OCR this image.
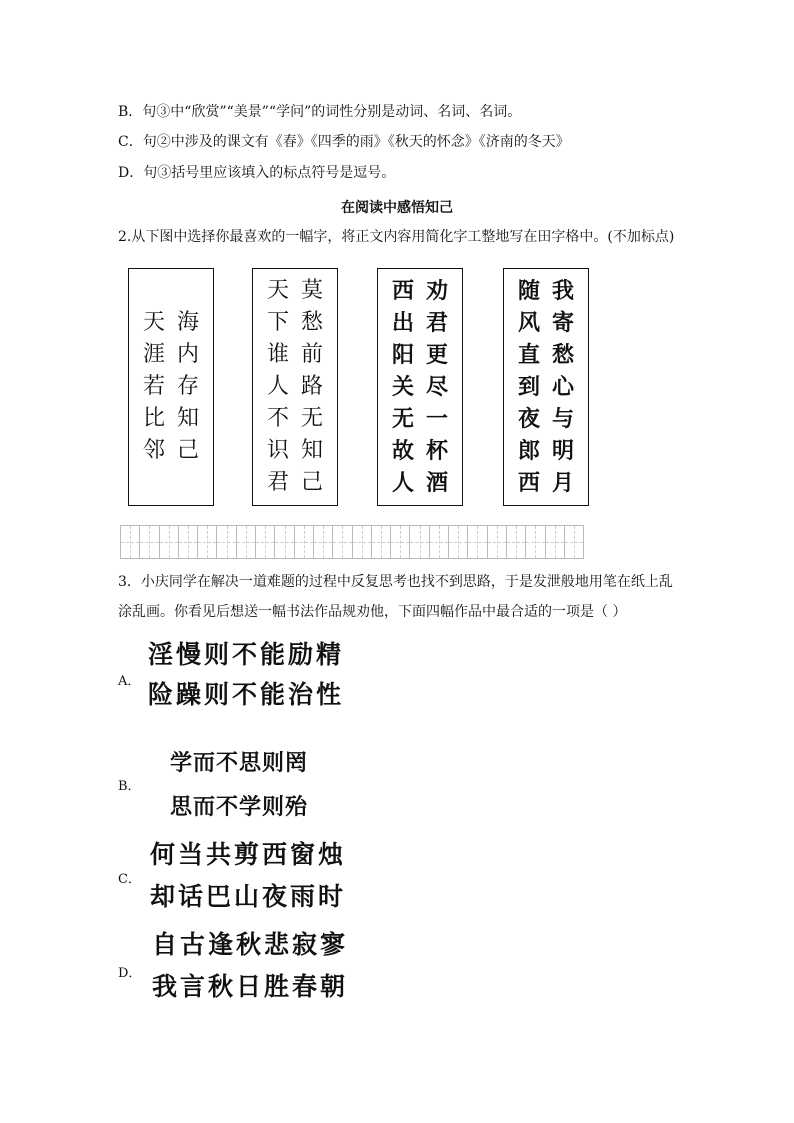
B．句③中“欣赏”“美景”“学问”的词性分别是动词、名词、名词。
C．句②中涉及的课文有《春》《四季的雨》《秋天的怀念》《济南的冬天》
D．句③括号里应该填入的标点符号是逗号。
在阅读中感悟知己
2.从下图中选择你最喜欢的一幅字，将正文内容用简化字工整地写在田字格中。(不加标点)
海
内
存
知
己
天
涯
若
比
邻
莫
愁
前
路
无
知
己
天
下
谁
人
不
识
君
劝
君
更
尽
一
杯
酒
西
出
阳
关
无
故
人
我
寄
愁
心
与
明
月
随
风
直
到
夜
郎
西
3．小庆同学在解决一道难题的过程中反复思考也找不到思路，于是发泄般地用笔在纸上乱
涂乱画。你看见后想送一幅书法作品规劝他，下面四幅作品中最合适的一项是（ ）
A．
淫慢则不能励精
险躁则不能治性
B．
学而不思则罔
思而不学则殆
C．
何当共剪西窗烛
却话巴山夜雨时
D．
自古逢秋悲寂寥
我言秋日胜春朝
